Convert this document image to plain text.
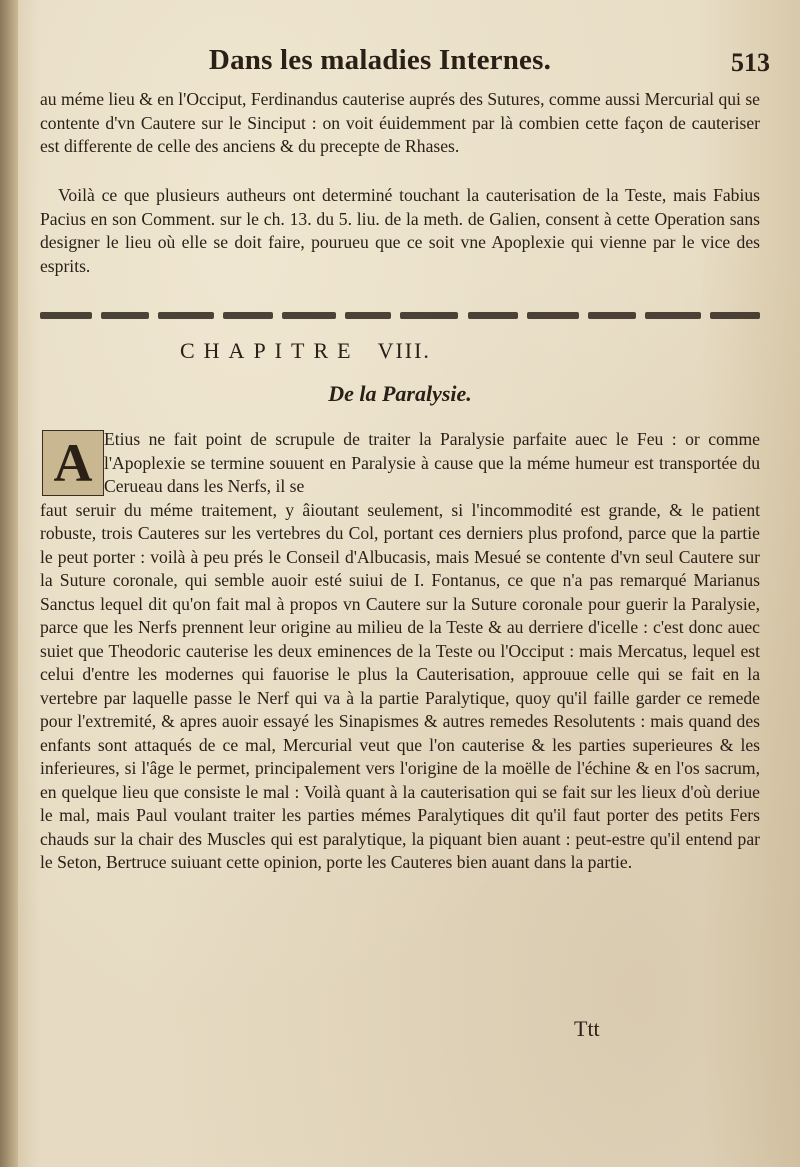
Dans les maladies Internes.	513
au méme lieu & en l'Occiput, Ferdinandus cauterise auprés des Sutures, comme aussi Mercurial qui se contente d'vn Cautere sur le Sinciput : on voit éuidemment par là combien cette façon de cauteriser est differente de celle des anciens & du precepte de Rhases.
Voilà ce que plusieurs autheurs ont determiné touchant la cauterisation de la Teste, mais Fabius Pacius en son Comment. sur le ch. 13. du 5. liu. de la meth. de Galien, consent à cette Operation sans designer le lieu où elle se doit faire, pourueu que ce soit vne Apoplexie qui vienne par le vice des esprits.
CHAPITRE VIII.
De la Paralysie.
A Etius ne fait point de scrupule de traiter la Paralysie parfaite auec le Feu : or comme l'Apoplexie se termine souuent en Paralysie à cause que la méme humeur est transportée du Cerueau dans les Nerfs, il se
faut seruir du méme traitement, y âioutant seulement, si l'incommodité est grande, & le patient robuste, trois Cauteres sur les vertebres du Col, portant ces derniers plus profond, parce que la partie le peut porter : voilà à peu prés le Conseil d'Albucasis, mais Mesué se contente d'vn seul Cautere sur la Suture coronale, qui semble auoir esté suiui de I. Fontanus, ce que n'a pas remarqué Marianus Sanctus lequel dit qu'on fait mal à propos vn Cautere sur la Suture coronale pour guerir la Paralysie, parce que les Nerfs prennent leur origine au milieu de la Teste & au derriere d'icelle : c'est donc auec suiet que Theodoric cauterise les deux eminences de la Teste ou l'Occiput : mais Mercatus, lequel est celui d'entre les modernes qui fauorise le plus la Cauterisation, approuue celle qui se fait en la vertebre par laquelle passe le Nerf qui va à la partie Paralytique, quoy qu'il faille garder ce remede pour l'extremité, & apres auoir essayé les Sinapismes & autres remedes Resolutents : mais quand des enfants sont attaqués de ce mal, Mercurial veut que l'on cauterise & les parties superieures & les inferieures, si l'âge le permet, principalement vers l'origine de la moëlle de l'échine & en l'os sacrum, en quelque lieu que consiste le mal : Voilà quant à la cauterisation qui se fait sur les lieux d'où deriue le mal, mais Paul voulant traiter les parties mémes Paralytiques dit qu'il faut porter des petits Fers chauds sur la chair des Muscles qui est paralytique, la piquant bien auant : peut-estre qu'il entend par le Seton, Bertruce suiuant cette opinion, porte les Cauteres bien auant dans la partie.
Ttt
